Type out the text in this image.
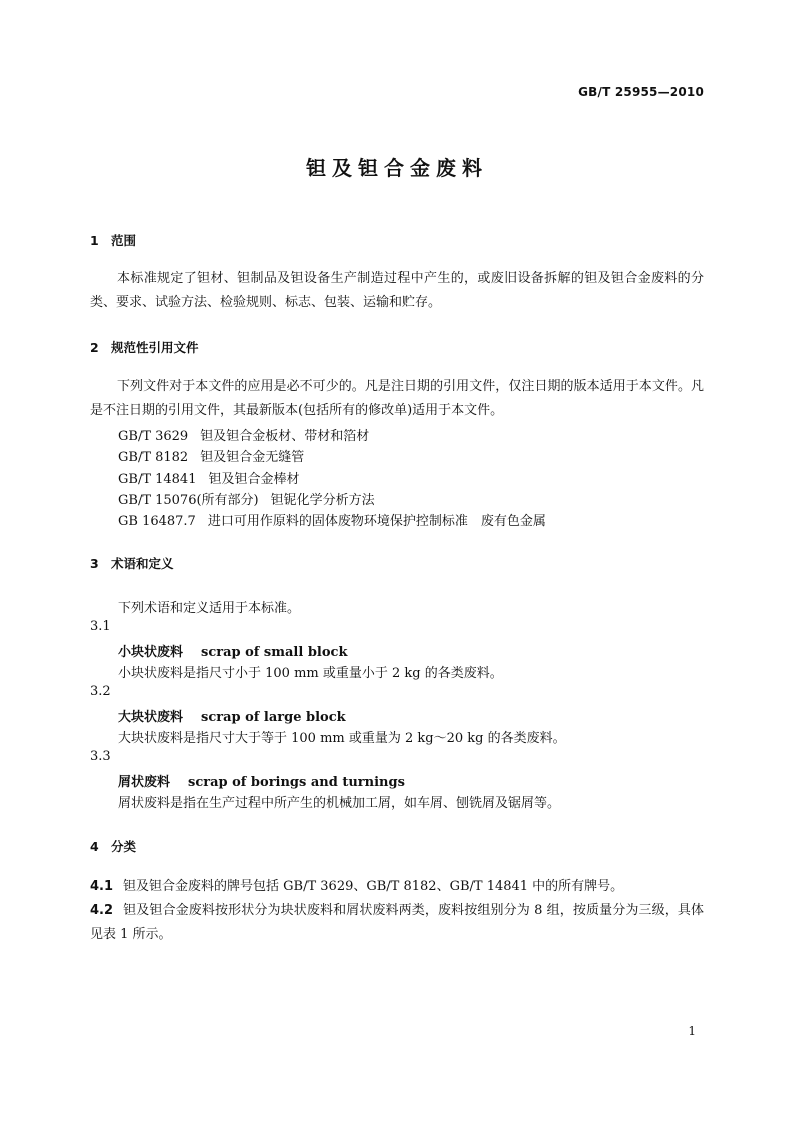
GB/T 25955—2010
钽及钽合金废料
1 范围

本标准规定了钽材、钽制品及钽设备生产制造过程中产生的，或废旧设备拆解的钽及钽合金废料的分类、要求、试验方法、检验规则、标志、包装、运输和贮存。

2 规范性引用文件

下列文件对于本文件的应用是必不可少的。凡是注日期的引用文件，仅注日期的版本适用于本文件。凡是不注日期的引用文件，其最新版本(包括所有的修改单)适用于本文件。

GB/T 3629 钽及钽合金板材、带材和箔材
GB/T 8182 钽及钽合金无缝管
GB/T 14841 钽及钽合金棒材
GB/T 15076(所有部分) 钽铌化学分析方法
GB 16487.7 进口可用作原料的固体废物环境保护控制标准　废有色金属
3 术语和定义
下列术语和定义适用于本标准。
3.1
小块状废料 scrap of small block
小块状废料是指尺寸小于 100 mm 或重量小于 2 kg 的各类废料。
3.2
大块状废料 scrap of large block
大块状废料是指尺寸大于等于 100 mm 或重量为 2 kg～20 kg 的各类废料。
3.3
屑状废料 scrap of borings and turnings
屑状废料是指在生产过程中所产生的机械加工屑，如车屑、刨铣屑及锯屑等。
4 分类

4.1 钽及钽合金废料的牌号包括 GB/T 3629、GB/T 8182、GB/T 14841 中的所有牌号。

4.2 钽及钽合金废料按形状分为块状废料和屑状废料两类，废料按组别分为 8 组，按质量分为三级，具体见表 1 所示。

1
